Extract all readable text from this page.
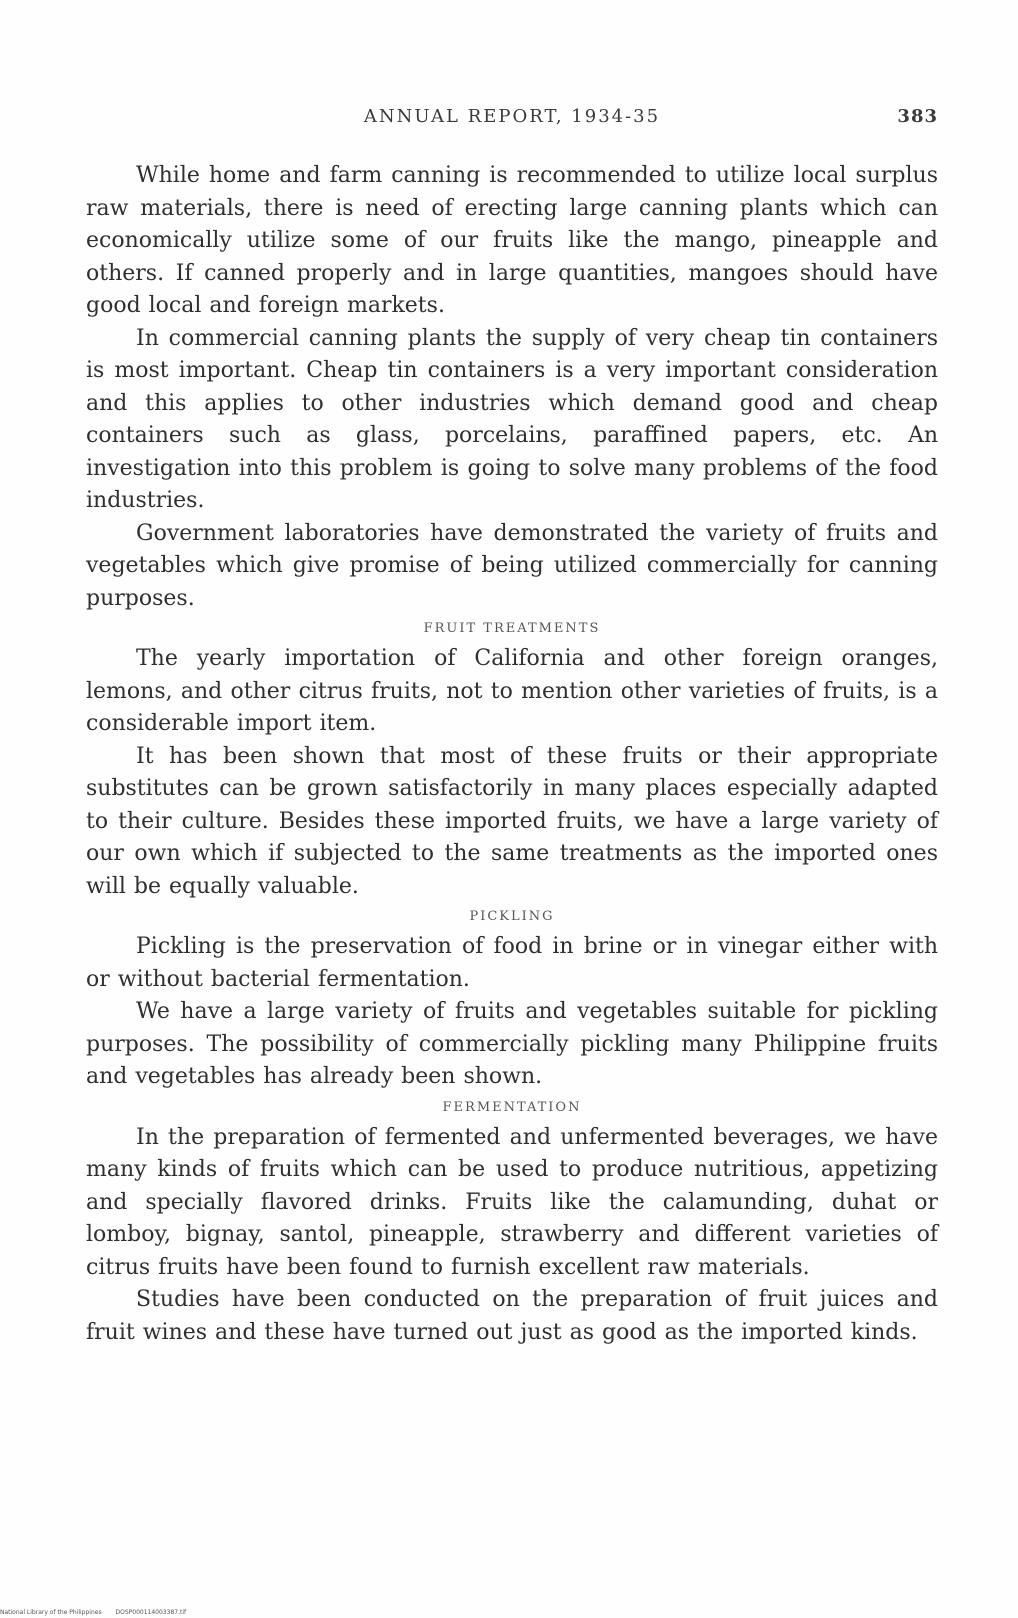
ANNUAL REPORT, 1934-35	383

While home and farm canning is recommended to utilize local surplus raw materials, there is need of erecting large canning plants which can economically utilize some of our fruits like the mango, pineapple and others. If canned properly and in large quantities, mangoes should have good local and foreign markets.

In commercial canning plants the supply of very cheap tin containers is most important. Cheap tin containers is a very important consideration and this applies to other industries which demand good and cheap containers such as glass, porcelains, paraffined papers, etc. An investigation into this problem is going to solve many problems of the food industries.

Government laboratories have demonstrated the variety of fruits and vegetables which give promise of being utilized commercially for canning purposes.

FRUIT TREATMENTS

The yearly importation of California and other foreign oranges, lemons, and other citrus fruits, not to mention other varieties of fruits, is a considerable import item.

It has been shown that most of these fruits or their appropriate substitutes can be grown satisfactorily in many places especially adapted to their culture. Besides these imported fruits, we have a large variety of our own which if subjected to the same treatments as the imported ones will be equally valuable.

PICKLING

Pickling is the preservation of food in brine or in vinegar either with or without bacterial fermentation.

We have a large variety of fruits and vegetables suitable for pickling purposes. The possibility of commercially pickling many Philippine fruits and vegetables has already been shown.

FERMENTATION

In the preparation of fermented and unfermented beverages, we have many kinds of fruits which can be used to produce nutritious, appetizing and specially flavored drinks. Fruits like the calamunding, duhat or lomboy, bignay, santol, pineapple, strawberry and different varieties of citrus fruits have been found to furnish excellent raw materials.

Studies have been conducted on the preparation of fruit juices and fruit wines and these have turned out just as good as the imported kinds.

National Library of the Philippines DOSP000114003387.tif
